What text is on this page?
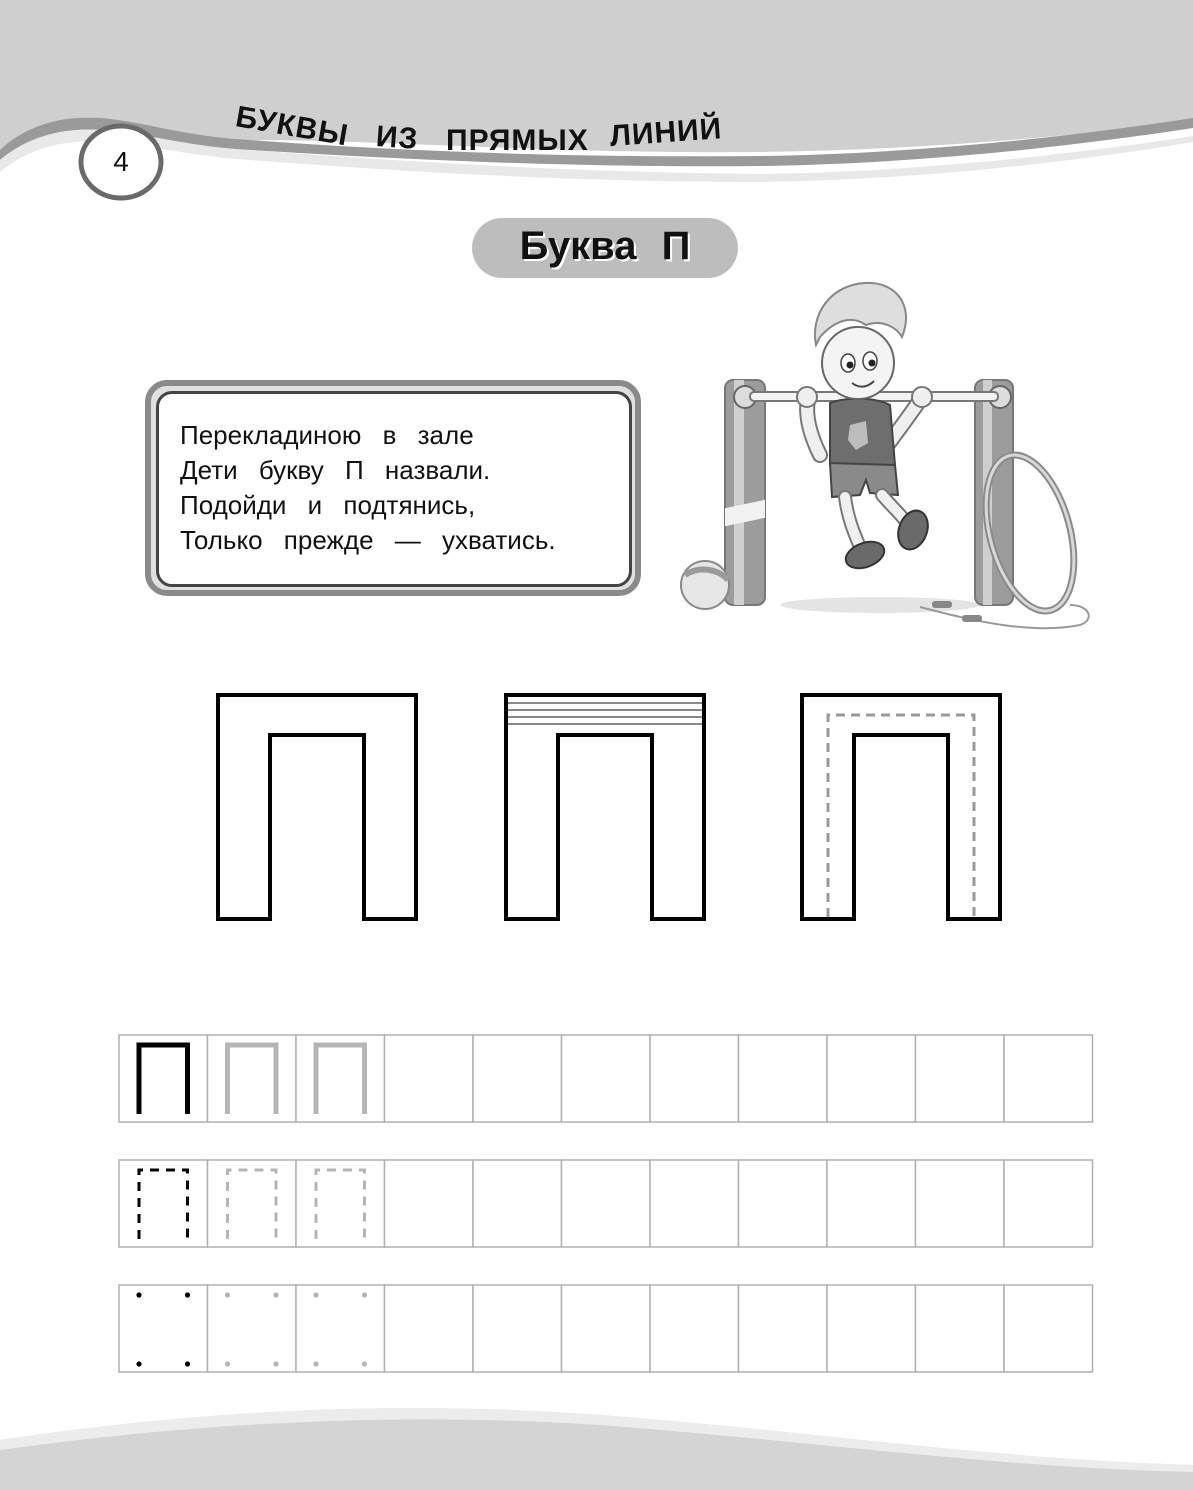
4
БУКВЫ ИЗ ПРЯМЫХ ЛИНИЙ
Буква П
Перекладиною в зале
Дети букву П назвали.
Подойди и подтянись,
Только прежде — ухватись.
